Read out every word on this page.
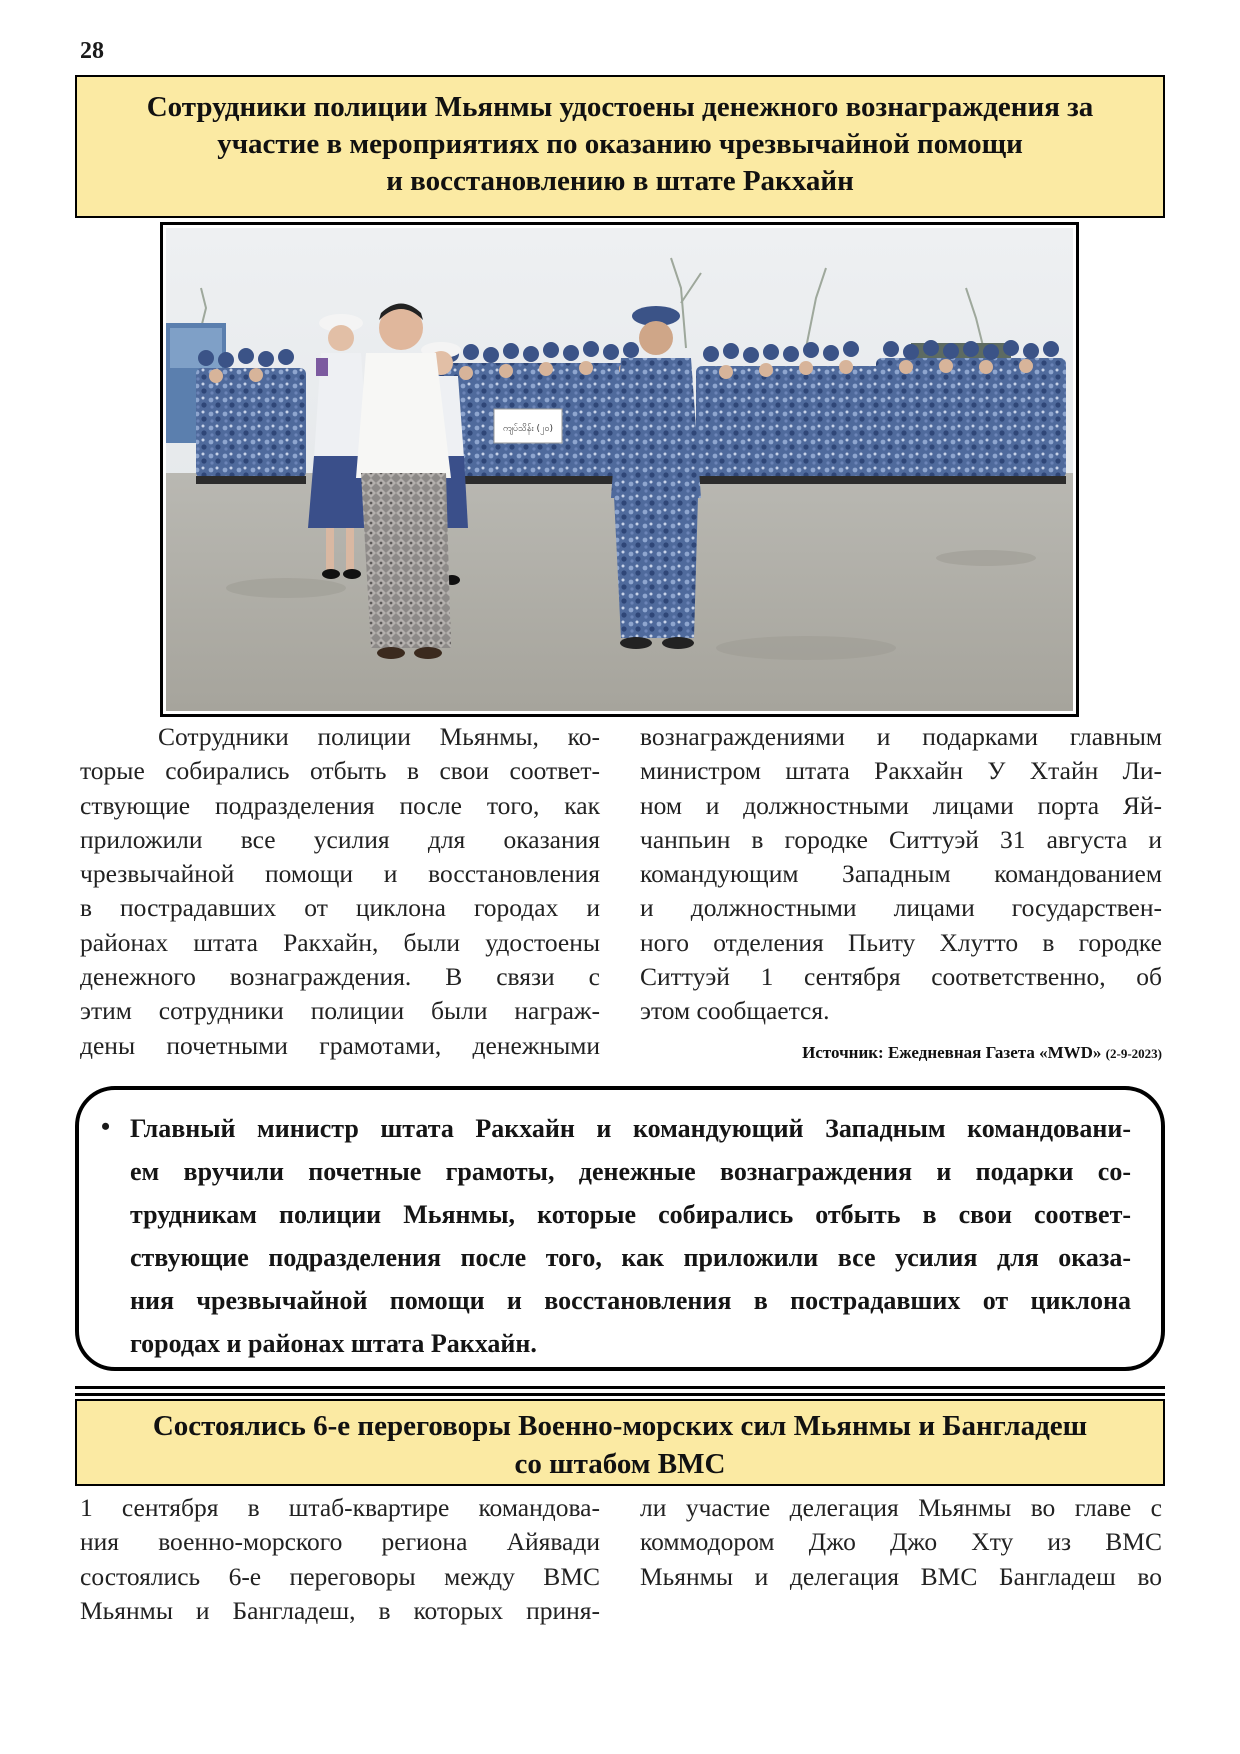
28
Сотрудники полиции Мьянмы удостоены денежного вознаграждения за
участие в мероприятиях по оказанию чрезвычайной помощи
и восстановлению в штате Ракхайн
ကျပ်သိန်း (၂၀)
Сотрудники полиции Мьянмы, ко-
торые собирались отбыть в свои соответ-
ствующие подразделения после того, как
приложили все усилия для оказания
чрезвычайной помощи и восстановления
в пострадавших от циклона городах и
районах штата Ракхайн, были удостоены
денежного вознаграждения. В связи с
этим сотрудники полиции были награж-
дены почетными грамотами, денежными
вознаграждениями и подарками главным
министром штата Ракхайн У Хтайн Ли-
ном и должностными лицами порта Яй-
чанпьин в городке Ситтуэй 31 августа и
командующим Западным командованием
и должностными лицами государствен-
ного отделения Пьиту Хлутто в городке
Ситтуэй 1 сентября соответственно, об
этом сообщается.
Источник: Ежедневная Газета «MWD» (2-9-2023)
• Главный министр штата Ракхайн и командующий Западным командовани-
ем вручили почетные грамоты, денежные вознаграждения и подарки со-
трудникам полиции Мьянмы, которые собирались отбыть в свои соответ-
ствующие подразделения после того, как приложили все усилия для оказа-
ния чрезвычайной помощи и восстановления в пострадавших от циклона
городах и районах штата Ракхайн.
Состоялись 6-е переговоры Военно-морских сил Мьянмы и Бангладеш
со штабом ВМС
1 сентября в штаб-квартире командова-
ния военно-морского региона Айявади
состоялись 6-е переговоры между ВМС
Мьянмы и Бангладеш, в которых приня-
ли участие делегация Мьянмы во главе с
коммодором Джо Джо Хту из ВМС
Мьянмы и делегация ВМС Бангладеш во
